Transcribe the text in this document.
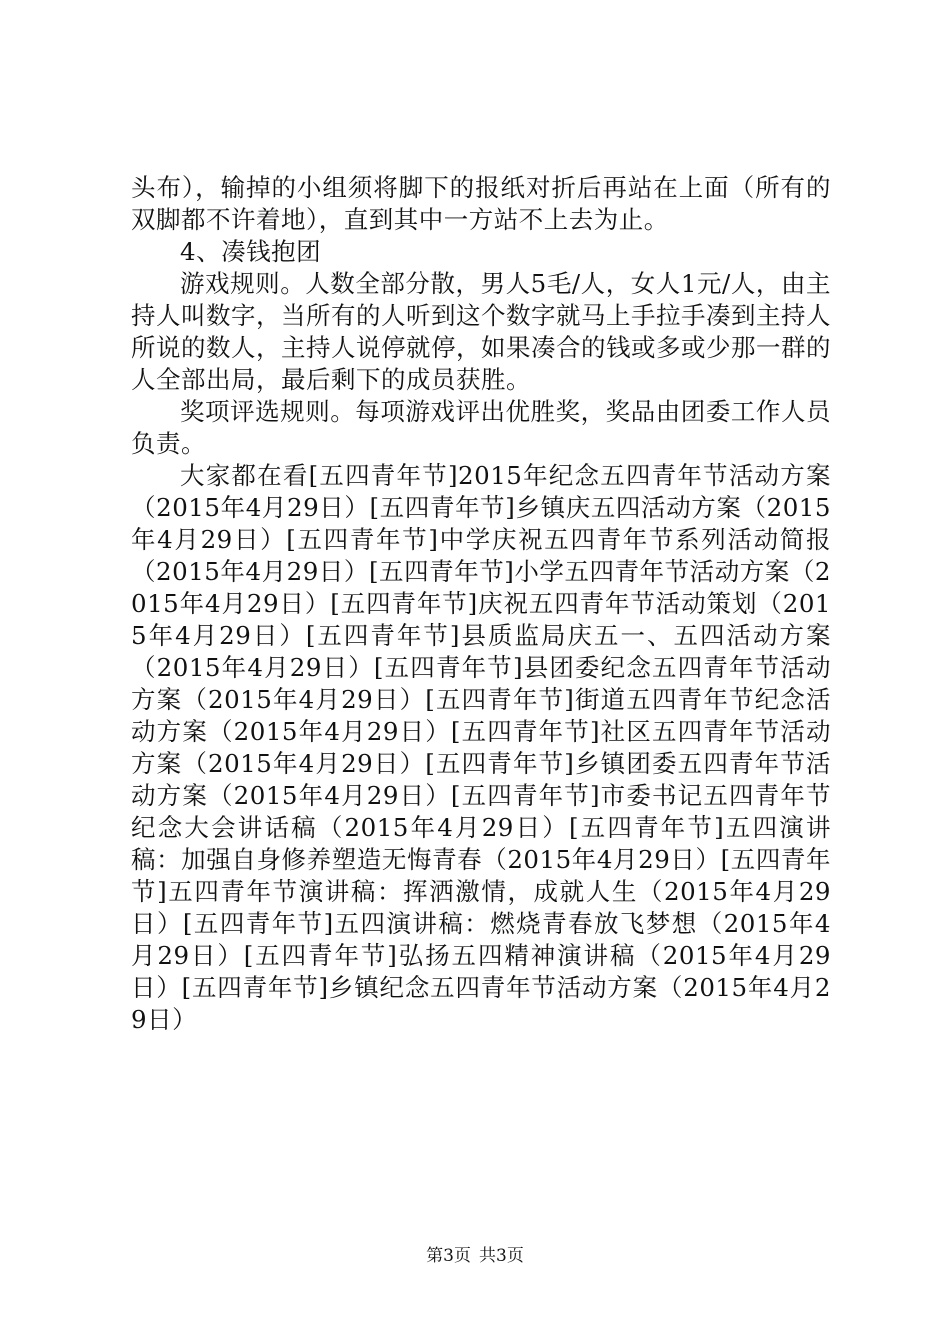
头布），输掉的小组须将脚下的报纸对折后再站在上面（所有的双脚都不许着地），直到其中一方站不上去为止。

4、凑钱抱团

游戏规则。人数全部分散，男人5毛/人，女人1元/人，由主持人叫数字，当所有的人听到这个数字就马上手拉手凑到主持人所说的数人，主持人说停就停，如果凑合的钱或多或少那一群的人全部出局，最后剩下的成员获胜。

奖项评选规则。每项游戏评出优胜奖，奖品由团委工作人员负责。

大家都在看[五四青年节]2015年纪念五四青年节活动方案（2015年4月29日）[五四青年节]乡镇庆五四活动方案（2015年4月29日）[五四青年节]中学庆祝五四青年节系列活动简报（2015年4月29日）[五四青年节]小学五四青年节活动方案（2015年4月29日）[五四青年节]庆祝五四青年节活动策划（2015年4月29日）[五四青年节]县质监局庆五一、五四活动方案（2015年4月29日）[五四青年节]县团委纪念五四青年节活动方案（2015年4月29日）[五四青年节]街道五四青年节纪念活动方案（2015年4月29日）[五四青年节]社区五四青年节活动方案（2015年4月29日）[五四青年节]乡镇团委五四青年节活动方案（2015年4月29日）[五四青年节]市委书记五四青年节纪念大会讲话稿（2015年4月29日）[五四青年节]五四演讲稿：加强自身修养塑造无悔青春（2015年4月29日）[五四青年节]五四青年节演讲稿：挥洒激情，成就人生（2015年4月29日）[五四青年节]五四演讲稿：燃烧青春放飞梦想（2015年4月29日）[五四青年节]弘扬五四精神演讲稿（2015年4月29日）[五四青年节]乡镇纪念五四青年节活动方案（2015年4月29日）

第3页 共3页
